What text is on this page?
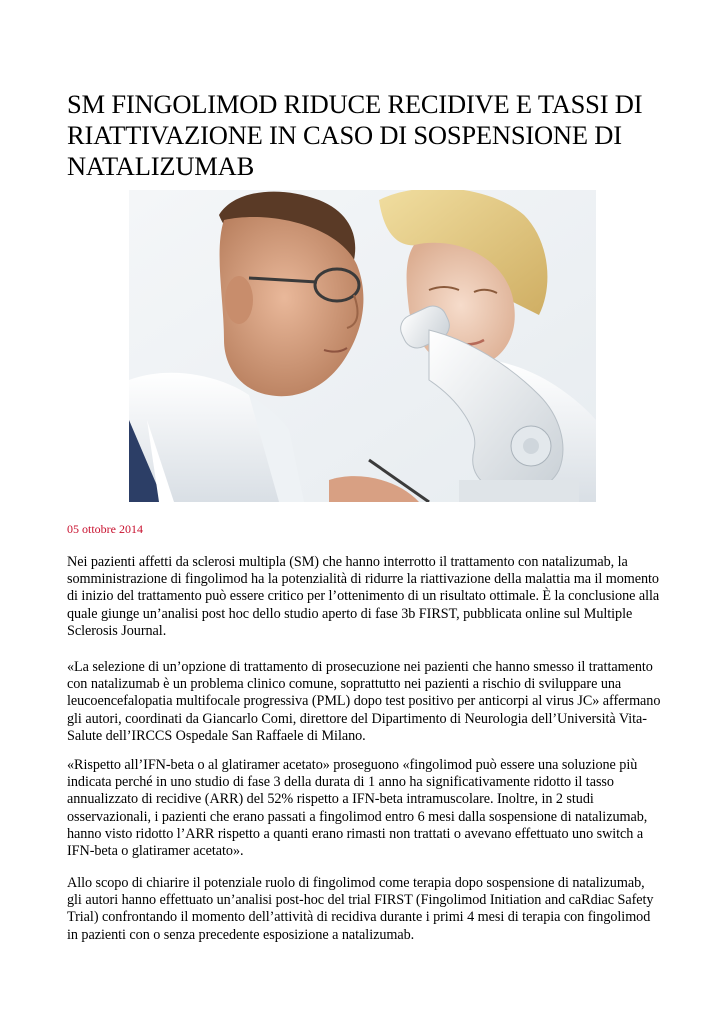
SM FINGOLIMOD RIDUCE RECIDIVE E TASSI DI RIATTIVAZIONE IN CASO DI SOSPENSIONE DI NATALIZUMAB
05 ottobre 2014

Nei pazienti affetti da sclerosi multipla (SM) che hanno interrotto il trattamento con natalizumab, la somministrazione di fingolimod ha la potenzialità di ridurre la riattivazione della malattia ma il momento di inizio del trattamento può essere critico per l’ottenimento di un risultato ottimale. È la conclusione alla quale giunge un’analisi post hoc dello studio aperto di fase 3b FIRST, pubblicata online sul Multiple Sclerosis Journal.

«La selezione di un’opzione di trattamento di prosecuzione nei pazienti che hanno smesso il trattamento con natalizumab è un problema clinico comune, soprattutto nei pazienti a rischio di sviluppare una leucoencefalopatia multifocale progressiva (PML) dopo test positivo per anticorpi al virus JC» affermano gli autori, coordinati da Giancarlo Comi, direttore del Dipartimento di Neurologia dell’Università Vita-Salute dell’IRCCS Ospedale San Raffaele di Milano.

«Rispetto all’IFN-beta o al glatiramer acetato» proseguono «fingolimod può essere una soluzione più indicata perché in uno studio di fase 3 della durata di 1 anno ha significativamente ridotto il tasso annualizzato di recidive (ARR) del 52% rispetto a IFN-beta intramuscolare. Inoltre, in 2 studi osservazionali, i pazienti che erano passati a fingolimod entro 6 mesi dalla sospensione di natalizumab, hanno visto ridotto l’ARR rispetto a quanti erano rimasti non trattati o avevano effettuato uno switch a IFN-beta o glatiramer acetato».

Allo scopo di chiarire il potenziale ruolo di fingolimod come terapia dopo sospensione di natalizumab, gli autori hanno effettuato un’analisi post-hoc del trial FIRST (Fingolimod Initiation and caRdiac Safety Trial) confrontando il momento dell’attività di recidiva durante i primi 4 mesi di terapia con fingolimod in pazienti con o senza precedente esposizione a natalizumab.
